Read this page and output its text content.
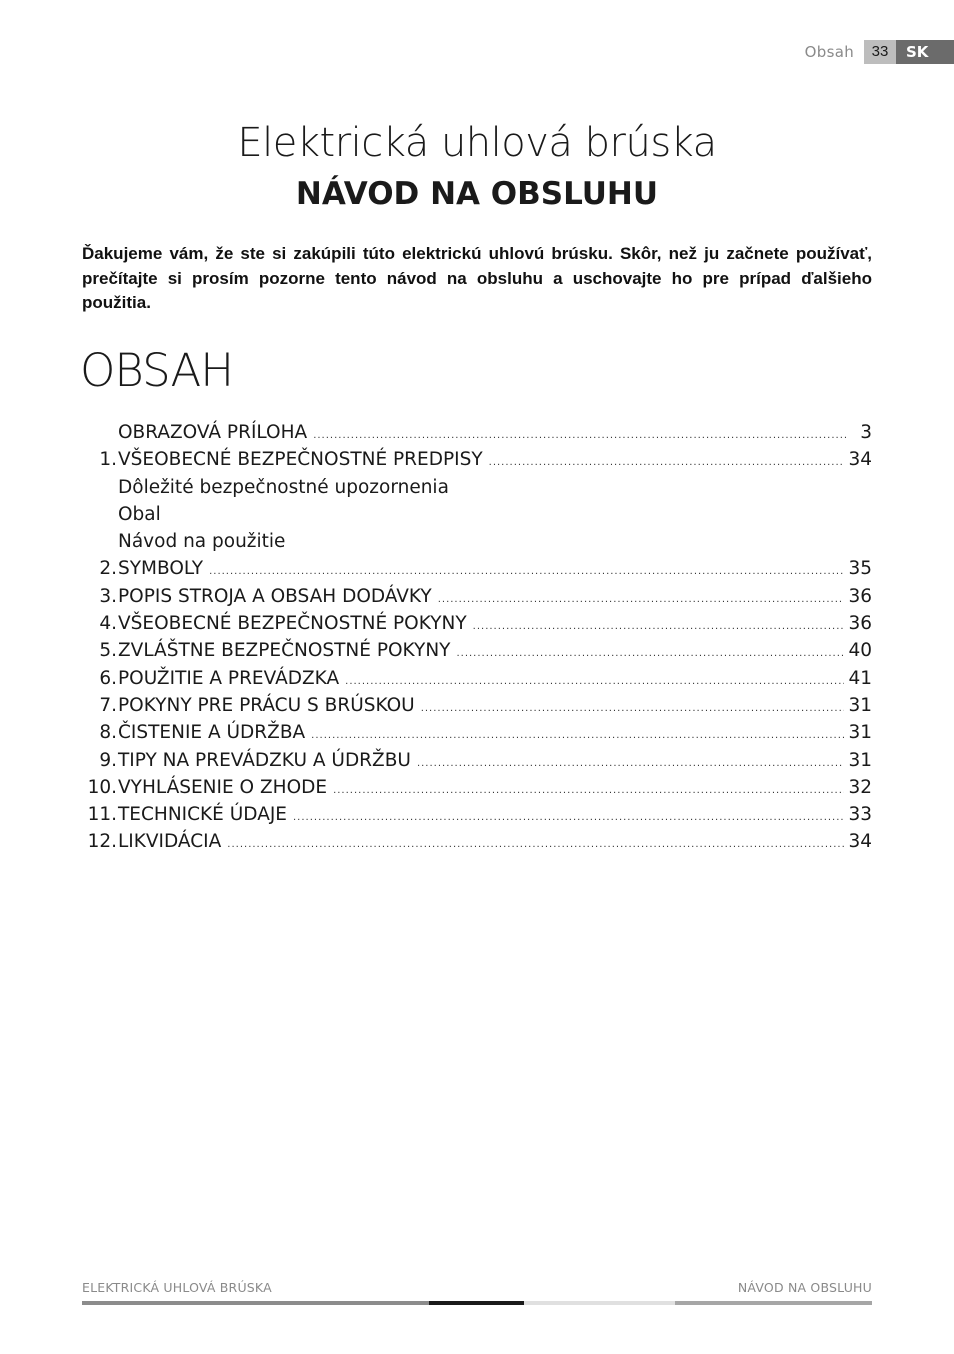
Obsah	33	SK
Elektrická uhlová brúska
NÁVOD NA OBSLUHU
Ďakujeme vám, že ste si zakúpili túto elektrickú uhlovú brúsku. Skôr, než ju začnete používať, prečítajte si prosím pozorne tento návod na obsluhu a uschovajte ho pre prípad ďalšieho použitia.
OBSAH
OBRAZOVÁ PRÍLOHA .....	3
1. VŠEOBECNÉ BEZPEČNOSTNÉ PREDPISY .....	34
Dôležité bezpečnostné upozornenia
Obal
Návod na použitie
2. SYMBOLY .....	35
3. POPIS STROJA A OBSAH DODÁVKY .....	36
4. VŠEOBECNÉ BEZPEČNOSTNÉ POKYNY .....	36
5. ZVLÁŠTNE BEZPEČNOSTNÉ POKYNY .....	40
6. POUŽITIE A PREVÁDZKA .....	41
7. POKYNY PRE PRÁCU S BRÚSKOU .....	31
8. ČISTENIE A ÚDRŽBA .....	31
9. TIPY NA PREVÁDZKU A ÚDRŽBU .....	31
10. VYHLÁSENIE O ZHODE .....	32
11. TECHNICKÉ ÚDAJE .....	33
12. LIKVIDÁCIA .....	34
ELEKTRICKÁ UHLOVÁ BRÚSKA	NÁVOD NA OBSLUHU
